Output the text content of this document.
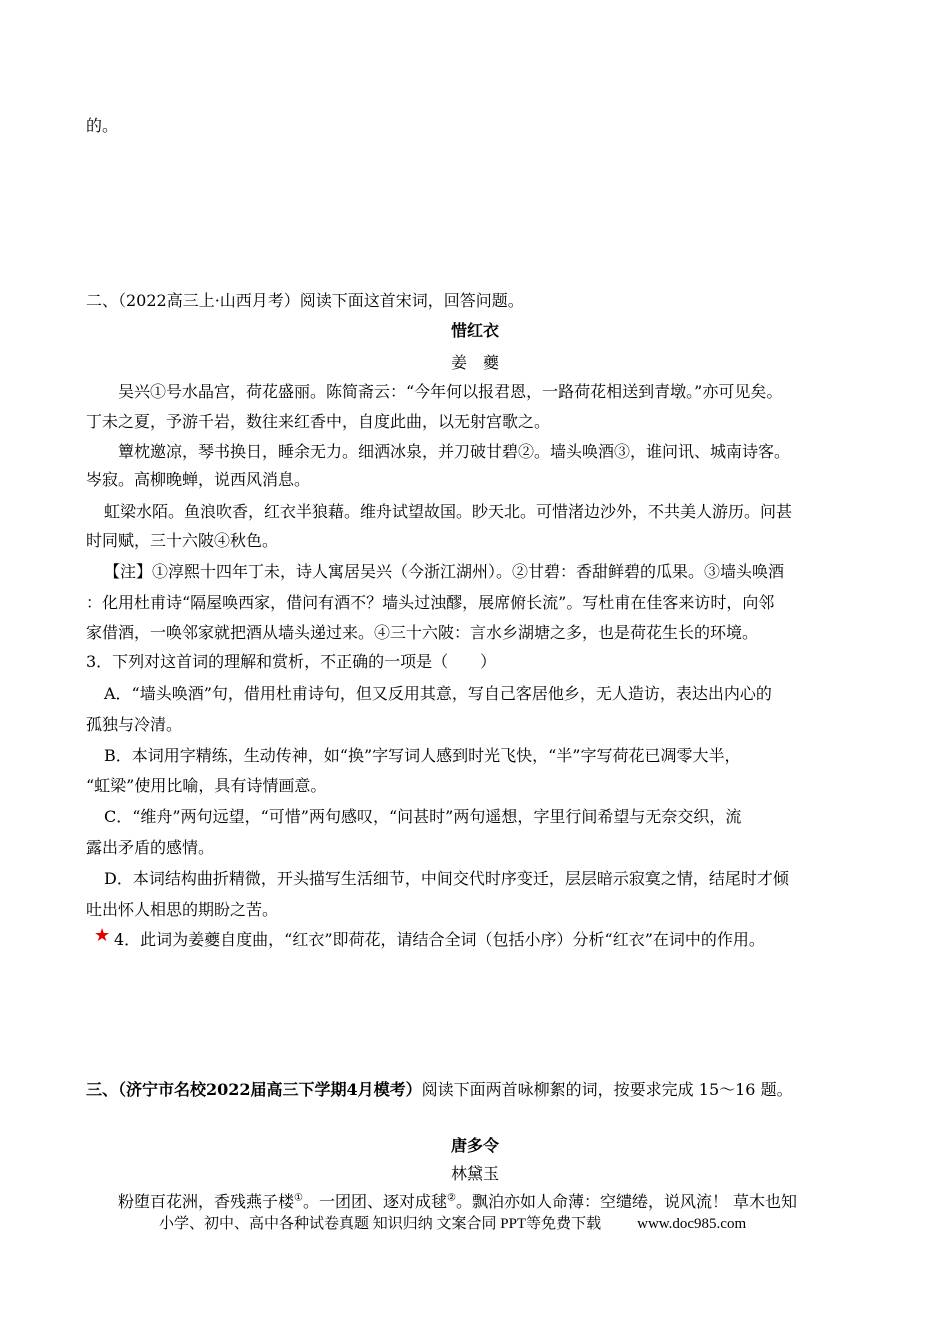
的。
二、（2022高三上·山西月考）阅读下面这首宋词，回答问题。
惜红衣
姜　夔
吴兴①号水晶宫，荷花盛丽。陈简斋云：“今年何以报君恩，一路荷花相送到青墩。”亦可见矣。
丁未之夏，予游千岩，数往来红香中，自度此曲，以无射宫歌之。
簟枕邀凉，琴书换日，睡余无力。细洒冰泉，并刀破甘碧②。墙头唤酒③，谁问讯、城南诗客。
岑寂。高柳晚蝉，说西风消息。
虹梁水陌。鱼浪吹香，红衣半狼藉。维舟试望故国。眇天北。可惜渚边沙外，不共美人游历。问甚
时同赋，三十六陂④秋色。
【注】①淳熙十四年丁未，诗人寓居吴兴（今浙江湖州）。②甘碧：香甜鲜碧的瓜果。③墙头唤酒
：化用杜甫诗“隔屋唤西家，借问有酒不？墙头过浊醪，展席俯长流”。写杜甫在佳客来访时，向邻
家借酒，一唤邻家就把酒从墙头递过来。④三十六陂：言水乡湖塘之多，也是荷花生长的环境。
3．下列对这首词的理解和赏析，不正确的一项是（　　）
A．“墙头唤酒”句，借用杜甫诗句，但又反用其意，写自己客居他乡，无人造访，表达出内心的
孤独与冷清。
B．本词用字精练，生动传神，如“换”字写词人感到时光飞快，“半”字写荷花已凋零大半，
“虹梁”使用比喻，具有诗情画意。
C．“维舟”两句远望，“可惜”两句感叹，“问甚时”两句遥想，字里行间希望与无奈交织，流
露出矛盾的感情。
D．本词结构曲折精微，开头描写生活细节，中间交代时序变迁，层层暗示寂寞之情，结尾时才倾
吐出怀人相思的期盼之苦。
★ 4．此词为姜夔自度曲，“红衣”即荷花，请结合全词（包括小序）分析“红衣”在词中的作用。
三、（济宁市名校2022届高三下学期4月模考）阅读下面两首咏柳絮的词，按要求完成 15～16 题。
唐多令
林黛玉
粉堕百花洲，香残燕子楼①。一团团、逐对成毬②。飘泊亦如人命薄：空缱绻，说风流！ 草木也知
小学、初中、高中各种试卷真题 知识归纳 文案合同 PPT等免费下载 www.doc985.com
